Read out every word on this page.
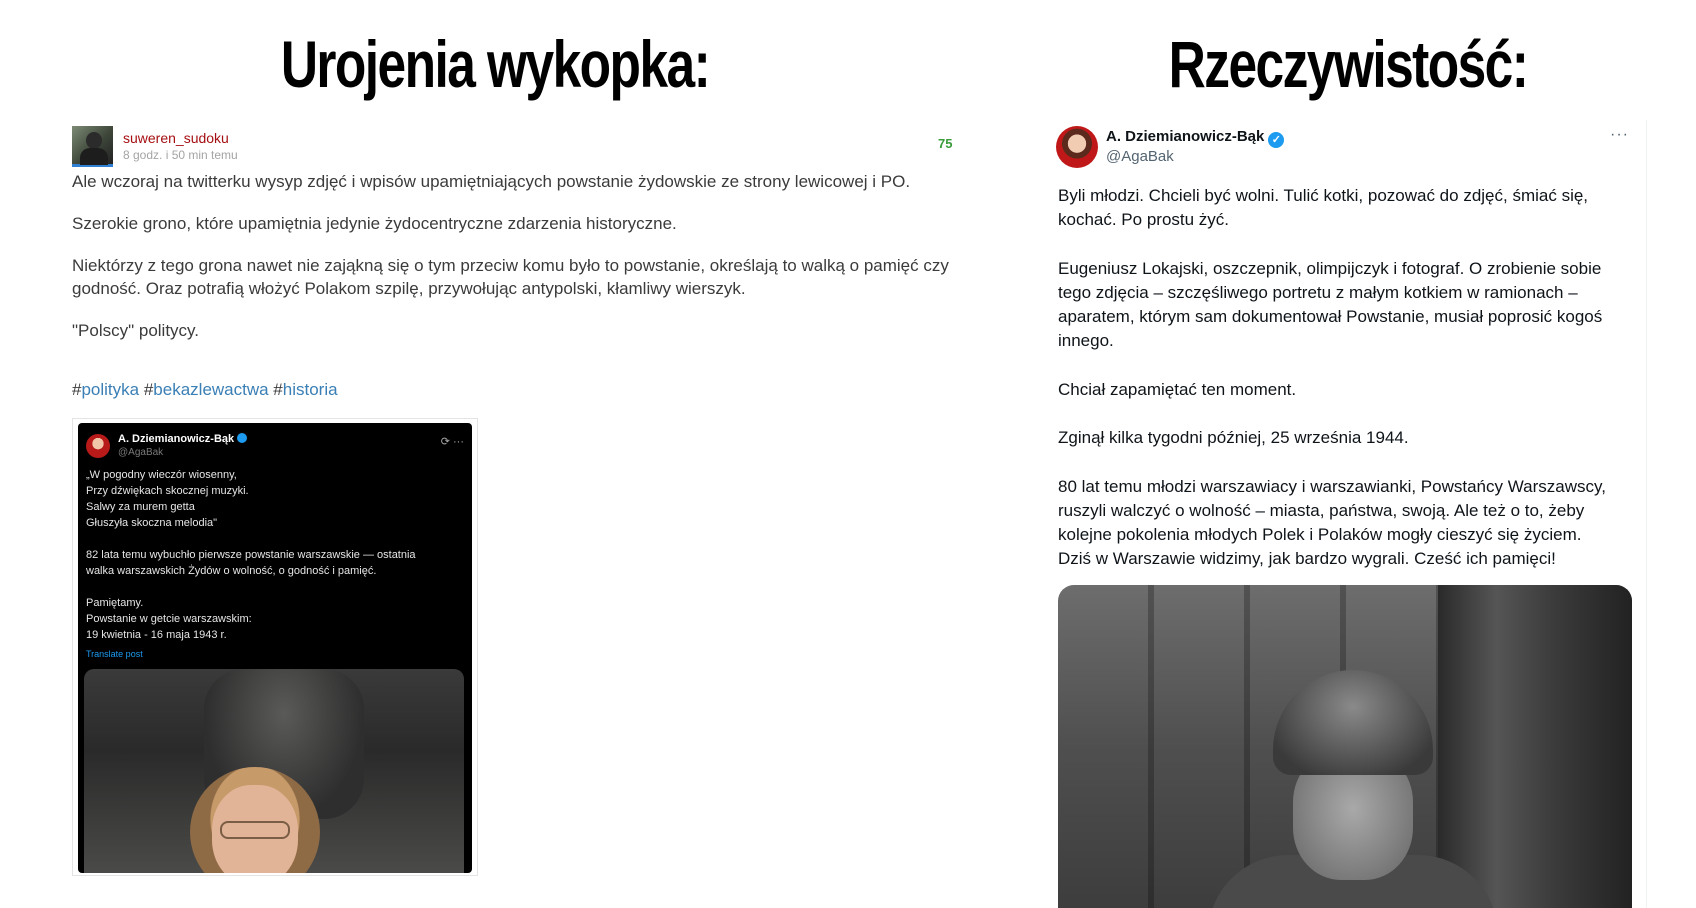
Urojenia wykopka:	Rzeczywistość:
suweren_sudoku
8 godz. i 50 min temu
75
Ale wczoraj na twitterku wysyp zdjęć i wpisów upamiętniających powstanie żydowskie ze strony lewicowej i PO.
Szerokie grono, które upamiętnia jedynie żydocentryczne zdarzenia historyczne.
Niektórzy z tego grona nawet nie zająkną się o tym przeciw komu było to powstanie, określają to walką o pamięć czy
godność. Oraz potrafią włożyć Polakom szpilę, przywołując antypolski, kłamliwy wierszyk.
"Polscy" politycy.
#polityka #bekazlewactwa #historia
A. Dziemianowicz-Bąk
@AgaBak
⟳ ···
„W pogodny wieczór wiosenny,
Przy dźwiękach skocznej muzyki.
Salwy za murem getta
Głuszyła skoczna melodia"
82 lata temu wybuchło pierwsze powstanie warszawskie — ostatnia
walka warszawskich Żydów o wolność, o godność i pamięć.
Pamiętamy.
Powstanie w getcie warszawskim:
19 kwietnia - 16 maja 1943 r.
Translate post
A. Dziemianowicz-Bąk ✓
@AgaBak
···
Byli młodzi. Chcieli być wolni. Tulić kotki, pozować do zdjęć, śmiać się,
kochać. Po prostu żyć.
Eugeniusz Lokajski, oszczepnik, olimpijczyk i fotograf. O zrobienie sobie
tego zdjęcia – szczęśliwego portretu z małym kotkiem w ramionach –
aparatem, którym sam dokumentował Powstanie, musiał poprosić kogoś
innego.
Chciał zapamiętać ten moment.
Zginął kilka tygodni później, 25 września 1944.
80 lat temu młodzi warszawiacy i warszawianki, Powstańcy Warszawscy,
ruszyli walczyć o wolność – miasta, państwa, swoją. Ale też o to, żeby
kolejne pokolenia młodych Polek i Polaków mogły cieszyć się życiem.
Dziś w Warszawie widzimy, jak bardzo wygrali. Cześć ich pamięci!
